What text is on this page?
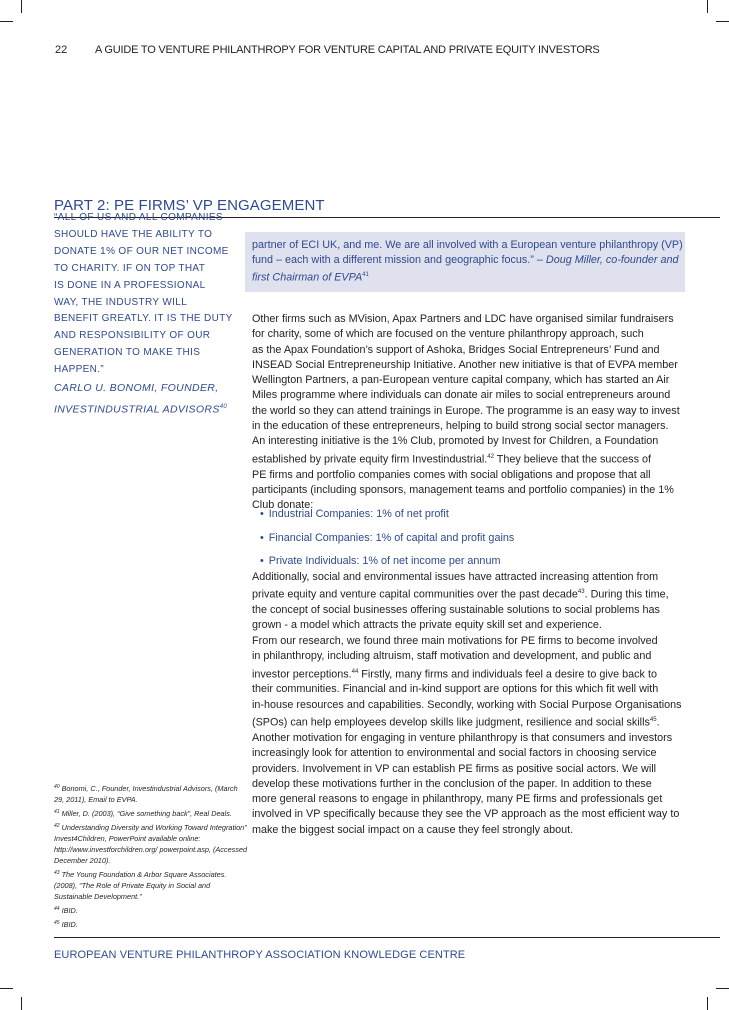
22	A GUIDE TO VENTURE PHILANTHROPY FOR VENTURE CAPITAL AND PRIVATE EQUITY INVESTORS
PART 2: PE FIRMS’ VP ENGAGEMENT
“ALL OF US AND ALL COMPANIES
SHOULD HAVE THE ABILITY TO
DONATE 1% OF OUR NET INCOME
TO CHARITY. IF ON TOP THAT
IS DONE IN A PROFESSIONAL
WAY, THE INDUSTRY WILL
BENEFIT GREATLY. IT IS THE DUTY
AND RESPONSIBILITY OF OUR
GENERATION TO MAKE THIS
HAPPEN.”
CARLO U. BONOMI, FOUNDER,
INVESTINDUSTRIAL ADVISORS$^{40}$
partner of ECI UK, and me. We are all involved with a European venture philanthropy (VP)
fund – each with a different mission and geographic focus.” – Doug Miller, co-founder and
first Chairman of EVPA$^{41}$
Other firms such as MVision, Apax Partners and LDC have organised similar fundraisers
for charity, some of which are focused on the venture philanthropy approach, such
as the Apax Foundation’s support of Ashoka, Bridges Social Entrepreneurs’ Fund and
INSEAD Social Entrepreneurship Initiative. Another new initiative is that of EVPA member
Wellington Partners, a pan-European venture capital company, which has started an Air
Miles programme where individuals can donate air miles to social entrepreneurs around
the world so they can attend trainings in Europe. The programme is an easy way to invest
in the education of these entrepreneurs, helping to build strong social sector managers.
An interesting initiative is the 1% Club, promoted by Invest for Children, a Foundation
established by private equity firm Investindustrial.$^{42}$ They believe that the success of
PE firms and portfolio companies comes with social obligations and propose that all
participants (including sponsors, management teams and portfolio companies) in the 1%
Club donate:
• Industrial Companies: 1% of net profit
• Financial Companies: 1% of capital and profit gains
• Private Individuals: 1% of net income per annum
Additionally, social and environmental issues have attracted increasing attention from
private equity and venture capital communities over the past decade$^{43}$. During this time,
the concept of social businesses offering sustainable solutions to social problems has
grown - a model which attracts the private equity skill set and experience.
From our research, we found three main motivations for PE firms to become involved
in philanthropy, including altruism, staff motivation and development, and public and
investor perceptions.$^{44}$ Firstly, many firms and individuals feel a desire to give back to
their communities. Financial and in-kind support are options for this which fit well with
in-house resources and capabilities. Secondly, working with Social Purpose Organisations
(SPOs) can help employees develop skills like judgment, resilience and social skills$^{45}$.
Another motivation for engaging in venture philanthropy is that consumers and investors
increasingly look for attention to environmental and social factors in choosing service
providers. Involvement in VP can establish PE firms as positive social actors. We will
develop these motivations further in the conclusion of the paper. In addition to these
more general reasons to engage in philanthropy, many PE firms and professionals get
involved in VP specifically because they see the VP approach as the most efficient way to
make the biggest social impact on a cause they feel strongly about.

$^{40}$ Bonomi, C., Founder, Investindustrial Advisors, (March 29, 2011), Email to EVPA.

$^{41}$ Miller, D. (2003), “Give something back”, Real Deals.

$^{42}$ Understanding Diversity and Working Toward Integration” Invest4Children, PowerPoint available online: http://www.investforchildren.org/ powerpoint.asp, (Accessed December 2010).

$^{43}$ The Young Foundation & Arbor Square Associates. (2008), “The Role of Private Equity in Social and Sustainable Development.”

$^{44}$ IBID.

$^{45}$ IBID.

EUROPEAN VENTURE PHILANTHROPY ASSOCIATION KNOWLEDGE CENTRE
